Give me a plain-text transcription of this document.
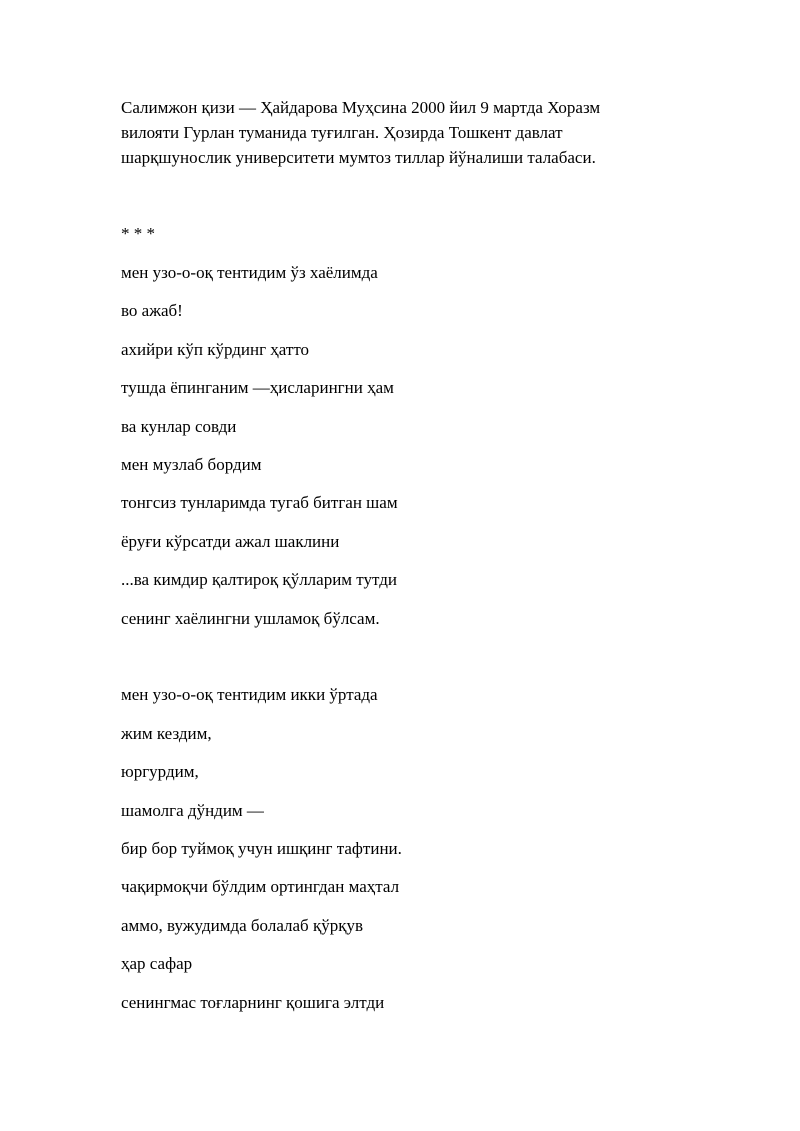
Салимжон қизи — Ҳайдарова Муҳсина 2000 йил 9 мартда Хоразм
вилояти Гурлан туманида туғилган. Ҳозирда Тошкент давлат
шарқшунослик университети мумтоз тиллар йўналиши талабаси.

* * *

мен узо-о-оқ тентидим ўз хаёлимда

во ажаб!

ахийри кўп кўрдинг ҳатто

тушда ёпинганим —ҳисларингни ҳам

ва кунлар совди

мен музлаб бордим

тонгсиз тунларимда тугаб битган шам

ёруғи кўрсатди ажал шаклини

...ва кимдир қалтироқ қўлларим тутди

сенинг хаёлингни ушламоқ бўлсам.

мен узо-о-оқ тентидим икки ўртада

жим кездим,

юргурдим,

шамолга дўндим —

бир бор туймоқ учун ишқинг тафтини.

чақирмоқчи бўлдим ортингдан маҳтал

аммо, вужудимда болалаб қўрқув

ҳар сафар

сенингмас тоғларнинг қошига элтди
